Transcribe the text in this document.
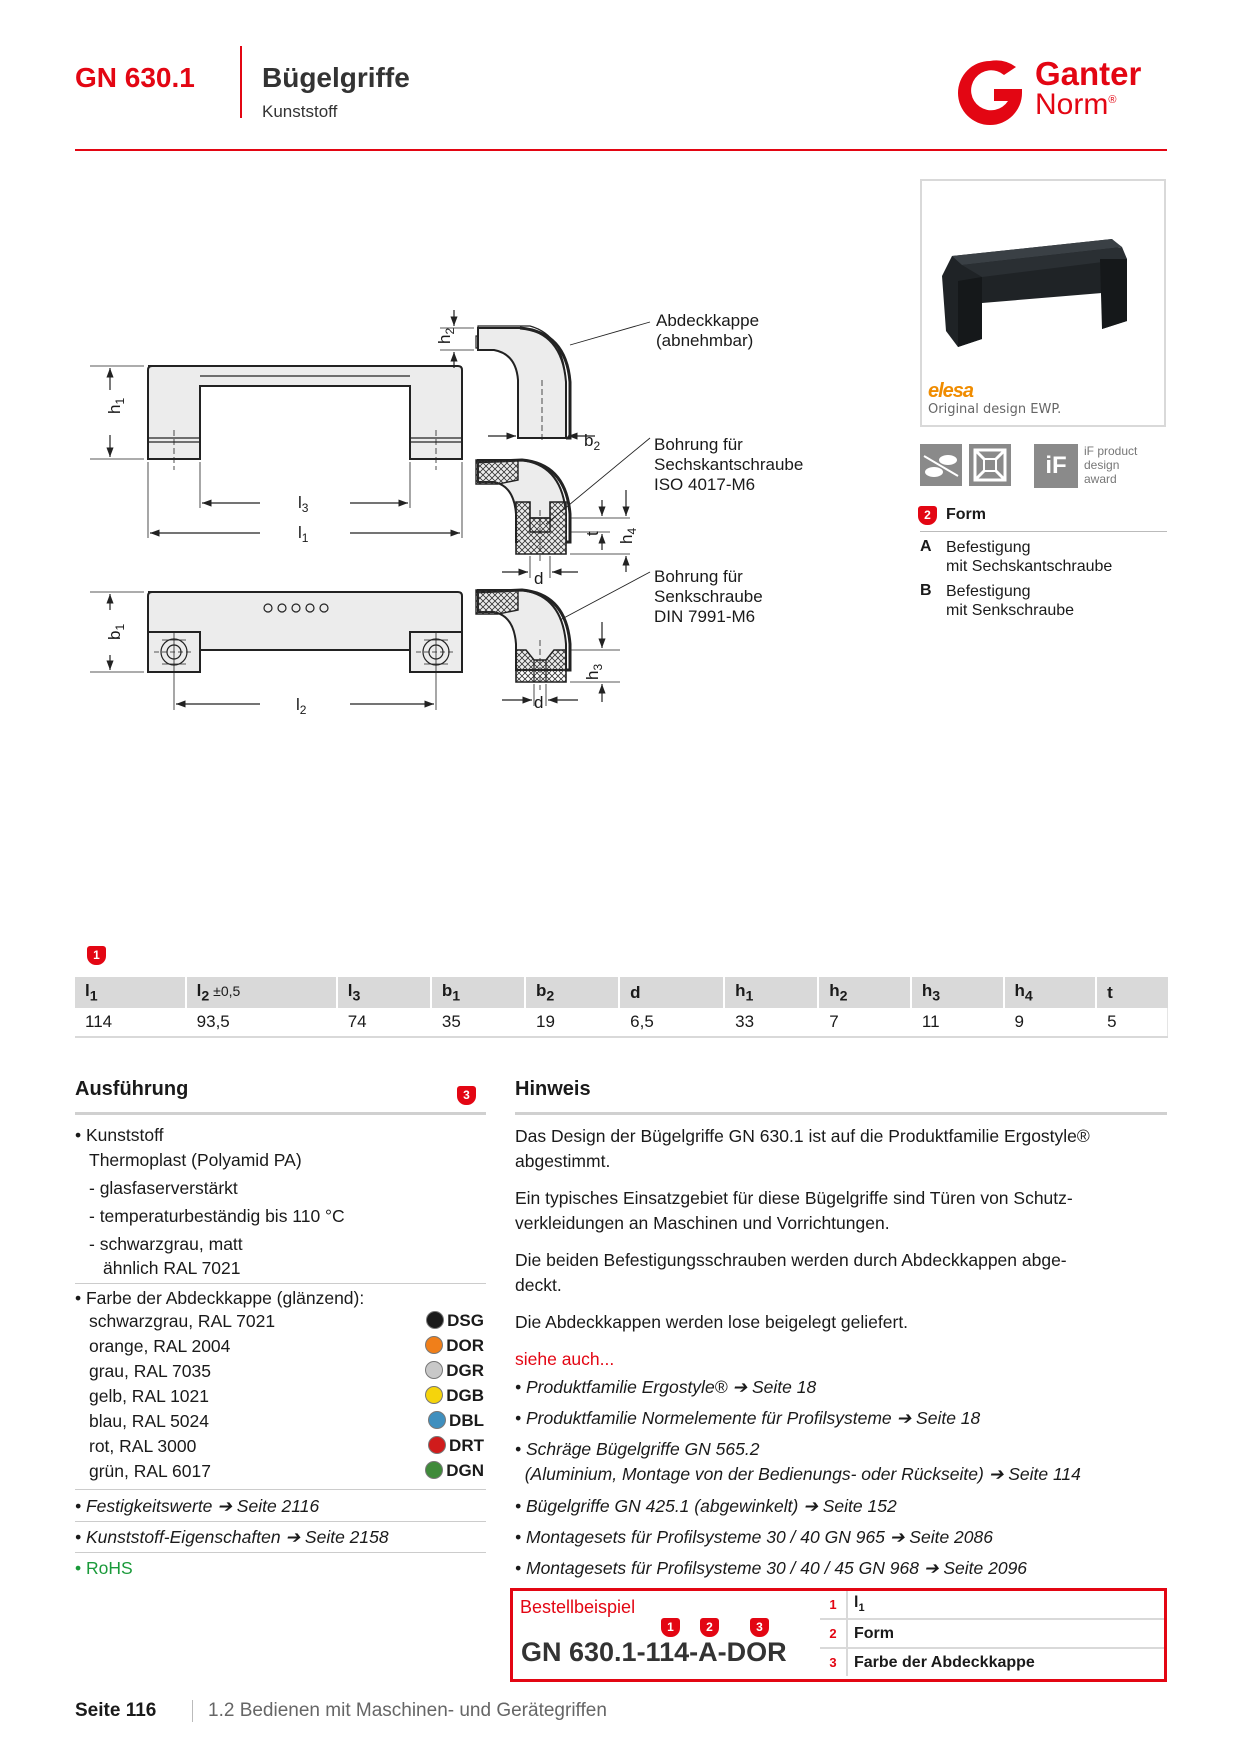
GN 630.1 Bügelgriffe
Kunststoff
Ganter
Norm®
elesa
Original design EWP.
iF
iF product
design
award
2 Form
A Befestigung
mit Sechskantschraube
B Befestigung
mit Senkschraube
$h_1$
$l_3$
$l_1$
$b_1$
$l_2$
$h_2$
$b_2$
$h_4$
t
d
$h_3$
d
Abdeckkappe
(abnehmbar)
Bohrung für
Sechskantschraube
ISO 4017-M6
Bohrung für
Senkschraube
DIN 7991-M6
1
$l_1$	$l_2 \pm 0,5$	$l_3$	$b_1$	$b_2$	d	$h_1$	$h_2$	$h_3$	$h_4$	t
114	93,5	74	35	19	6,5	33	7	11	9	5
Ausführung	3
• Kunststoff
Thermoplast (Polyamid PA)
- glasfaserverstärkt
- temperaturbeständig bis 110 °C
- schwarzgrau, matt
ähnlich RAL 7021
• Farbe der Abdeckkappe (glänzend):
schwarzgrau, RAL 7021	DSG
orange, RAL 2004	DOR
grau, RAL 7035	DGR
gelb, RAL 1021	DGB
blau, RAL 5024	DBL
rot, RAL 3000	DRT
grün, RAL 6017	DGN
• Festigkeitswerte ➔ Seite 2116
• Kunststoff-Eigenschaften ➔ Seite 2158
• RoHS
Hinweis
Das Design der Bügelgriffe GN 630.1 ist auf die Produktfamilie Ergostyle®
abgestimmt.
Ein typisches Einsatzgebiet für diese Bügelgriffe sind Türen von Schutz-
verkleidungen an Maschinen und Vorrichtungen.
Die beiden Befestigungsschrauben werden durch Abdeckkappen abge-
deckt.
Die Abdeckkappen werden lose beigelegt geliefert.
siehe auch...
• Produktfamilie Ergostyle® ➔ Seite 18
• Produktfamilie Normelemente für Profilsysteme ➔ Seite 18
• Schräge Bügelgriffe GN 565.2
(Aluminium, Montage von der Bedienungs- oder Rückseite) ➔ Seite 114
• Bügelgriffe GN 425.1 (abgewinkelt) ➔ Seite 152
• Montagesets für Profilsysteme 30 / 40 GN 965 ➔ Seite 2086
• Montagesets für Profilsysteme 30 / 40 / 45 GN 968 ➔ Seite 2096
Bestellbeispiel
1	2	3
GN 630.1-114-A-DOR
1	$l_1$
2	Form
3	Farbe der Abdeckkappe
Seite 116	1.2 Bedienen mit Maschinen- und Gerätegriffen
